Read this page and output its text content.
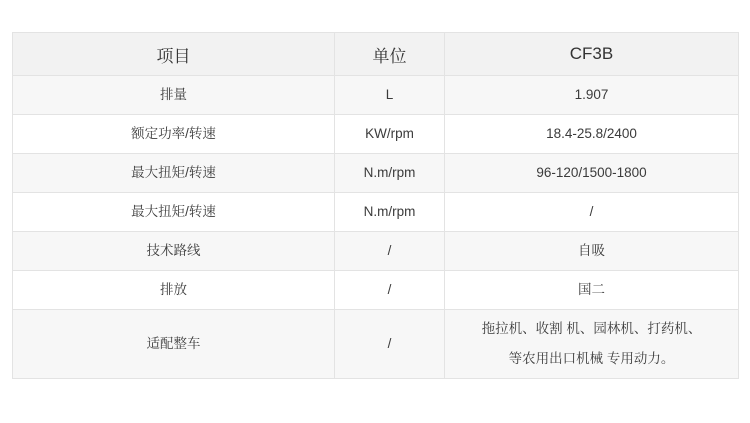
项目	单位	CF3B
排量	L	1.907

额定功率/转速	KW/rpm	18.4-25.8/2400

最大扭矩/转速	N.m/rpm	96-120/1500-1800

最大扭矩/转速	N.m/rpm	/

技术路线	/	自吸

排放	/	国二

适配整车	/	拖拉机、收割 机、园林机、打药机、
等农用出口机械 专用动力。
